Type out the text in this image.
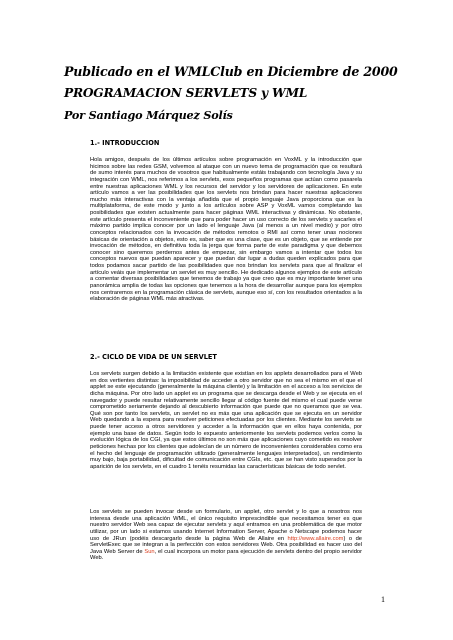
Publicado en el WMLClub en Diciembre de 2000
PROGRAMACION SERVLETS y WML
Por Santiago Márquez Solís
1.- INTRODUCCION

Hola amigos, después de los últimos artículos sobre programación en VoxML y la introducción que hicimos sobre las redes GSM, volvemos al ataque con un nuevo tema de programación que os resultará de sumo interés para muchos de vosotros que habitualmente estáis trabajando con tecnología Java y su integración con WML, nos referimos a los servlets, esos pequeños programas que actúan como pasarela entre nuestras aplicaciones WML y los recursos del servidor y los servidores de aplicaciones. En este artículo vamos a ver las posibilidades que los servlets nos brindan para hacer nuestras aplicaciones mucho más interactivas con la ventaja añadida que el propio lenguaje Java proporciona que es la multiplataforma, de este modo y junto a los artículos sobre ASP y VoxML vamos completando las posibilidades que existen actualmente para hacer páginas WML interactivas y dinámicas. No obstante, este artículo presenta el inconveniente que para poder hacer un uso correcto de los servlets y sacarles el máximo partido implica conocer por un lado el lenguaje Java (al menos a un nivel medio) y por otro conceptos relacionados con la invocación de métodos remotos o RMI así como tener unas nociones básicas de orientación a objetos, esto es, saber que es una clase, que es un objeto, que se entiende por invocación de métodos, en definitiva toda la jerga que forma parte de este paradigma y que debemos conocer sino queremos perdernos antes de empezar, sin embargo vamos a intentar que todos los conceptos nuevos que puedan aparecer y que puedan dar lugar a dudas queden explicados para que todos podamos sacar partido de las posibilidades que nos brindan los servlets para que al finalizar el artículo veáis que implementar un servlet es muy sencillo. He dedicado algunos ejemplos de este artículo a comentar diversas posibilidades que tenemos de trabajo ya que creo que es muy importante tener una panorámica amplia de todas las opciones que tenemos a la hora de desarrollar aunque para los ejemplos nos centraremos en la programación clásica de servlets, aunque eso sí, con los resultados orientados a la elaboración de páginas WML más atractivas.

2.- CICLO DE VIDA DE UN SERVLET

Los servlets surgen debido a la limitación existente que existían en los applets desarrollados para el Web en dos vertientes distintas: la imposibilidad de acceder a otro servidor que no sea el mismo en el que el applet se este ejecutando (generalmente la máquina cliente) y la limitación en el acceso a los servicios de dicha máquina. Por otro lado un applet es un programa que se descarga desde el Web y se ejecuta en el navegador y puede resultar relativamente sencillo llegar al código fuente del mismo el cual puede verse comprometido seriamente dejando al descubierto información que puede que no queramos que se vea. Qué son por tanto los servlets, un servlet no es más que una aplicación que se ejecuta en un servidor Web quedando a la espera para resolver peticiones efectuadas por los clientes. Mediante los servlets se puede tener acceso a otros servidores y acceder a la información que en ellos haya contenida, por ejemplo una base de datos. Según todo lo expuesto anteriormente los servlets podemos verlos como la evolución lógica de los CGI, ya que estos últimos no son más que aplicaciones cuyo cometido es resolver peticiones hechas por los clientes que adolecían de un número de inconvenientes considerables como era el hecho del lenguaje de programación utilizado (generalmente lenguajes interpretados), un rendimiento muy bajo, baja portabilidad, dificultad de comunicación entre CGIs, etc. que se han visto superados por la aparición de los servlets, en el cuadro 1 tenéis resumidas las características básicas de todo servlet.

Los servlets se pueden invocar desde un formulario, un applet, otro servlet y lo que a nosotros nos interesa desde una aplicación WML, el único requisito imprescindible que necesitamos tener es que nuestro servidor Web sea capaz de ejecutar servlets y aquí entramos en una problemática de que motor utilizar, por un lado si estamos usando Internet Information Server, Apache o Netscape podemos hacer uso de JRun (podéis descargarlo desde la página Web de Allaire en http://www.allaire.com) o de ServletExec que se integran a la perfección con estos servidores Web. Otra posibilidad es hacer uso del Java Web Server de Sun, el cual incorpora un motor para ejecución de servlets dentro del propio servidor Web.

1
